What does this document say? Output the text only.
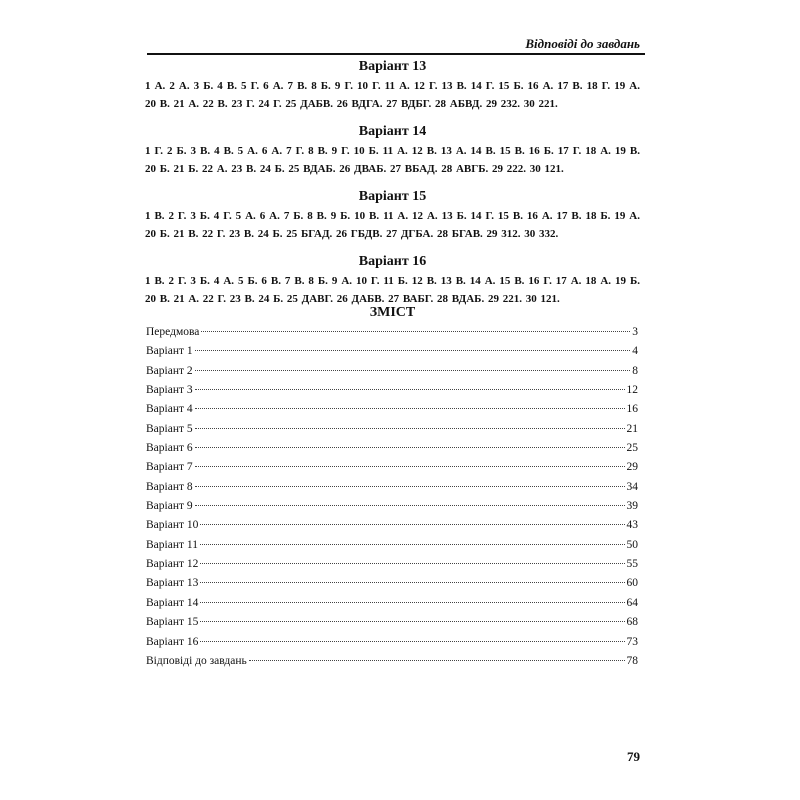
Відповіді до завдань

Варіант 13

1 А. 2 А. 3 Б. 4 В. 5 Г. 6 А. 7 В. 8 Б. 9 Г. 10 Г. 11 А. 12 Г. 13 В. 14 Г. 15 Б. 16 А. 17 В. 18 Г. 19 А. 20 В. 21 А. 22 В. 23 Г. 24 Г. 25 ДАБВ. 26 ВДГА. 27 ВДБГ. 28 АБВД. 29 232. 30 221.

Варіант 14

1 Г. 2 Б. 3 В. 4 В. 5 А. 6 А. 7 Г. 8 В. 9 Г. 10 Б. 11 А. 12 В. 13 А. 14 В. 15 В. 16 Б. 17 Г. 18 А. 19 В. 20 Б. 21 Б. 22 А. 23 В. 24 Б. 25 ВДАБ. 26 ДВАБ. 27 ВБАД. 28 АВГБ. 29 222. 30 121.

Варіант 15

1 В. 2 Г. 3 Б. 4 Г. 5 А. 6 А. 7 Б. 8 В. 9 Б. 10 В. 11 А. 12 А. 13 Б. 14 Г. 15 В. 16 А. 17 В. 18 Б. 19 А. 20 Б. 21 В. 22 Г. 23 В. 24 Б. 25 БГАД. 26 ГБДВ. 27 ДГБА. 28 БГАВ. 29 312. 30 332.

Варіант 16

1 В. 2 Г. 3 Б. 4 А. 5 Б. 6 В. 7 В. 8 Б. 9 А. 10 Г. 11 Б. 12 В. 13 В. 14 А. 15 В. 16 Г. 17 А. 18 А. 19 Б. 20 В. 21 А. 22 Г. 23 В. 24 Б. 25 ДАВГ. 26 ДАБВ. 27 ВАБГ. 28 ВДАБ. 29 221. 30 121.

ЗМІСТ
Передмова	3
Варіант 1	4
Варіант 2	8
Варіант 3	12
Варіант 4	16
Варіант 5	21
Варіант 6	25
Варіант 7	29
Варіант 8	34
Варіант 9	39
Варіант 10	43
Варіант 11	50
Варіант 12	55
Варіант 13	60
Варіант 14	64
Варіант 15	68
Варіант 16	73
Відповіді до завдань	78
79
